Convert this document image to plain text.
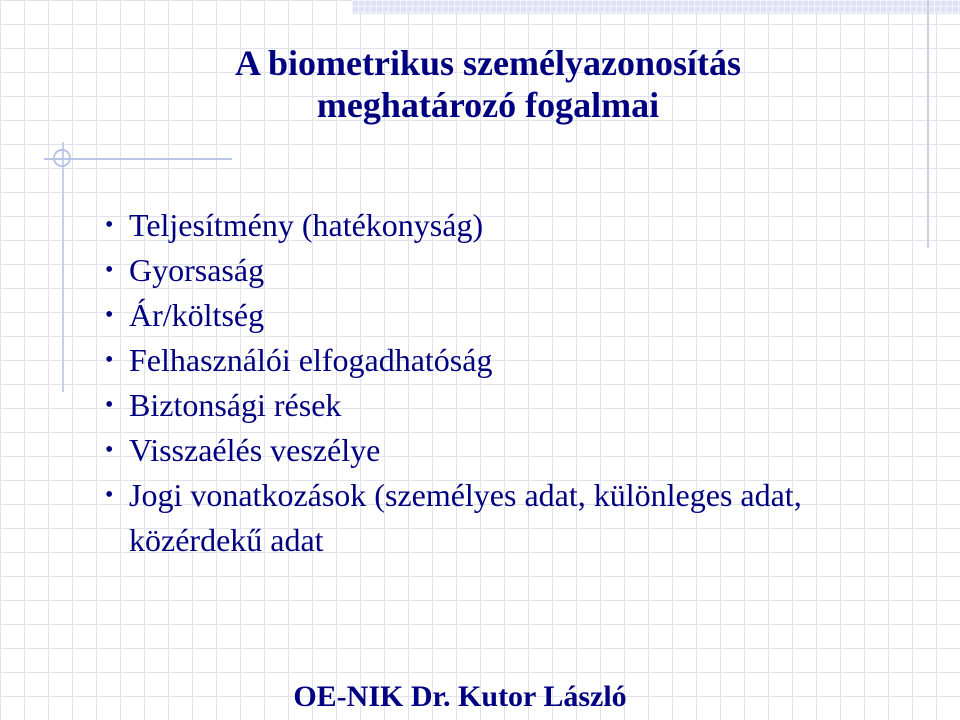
A biometrikus személyazonosítás
meghatározó fogalmai
• Teljesítmény (hatékonyság)
• Gyorsaság
• Ár/költség
• Felhasználói elfogadhatóság
• Biztonsági rések
• Visszaélés veszélye
• Jogi vonatkozások (személyes adat, különleges adat, közérdekű adat
OE-NIK Dr. Kutor László
